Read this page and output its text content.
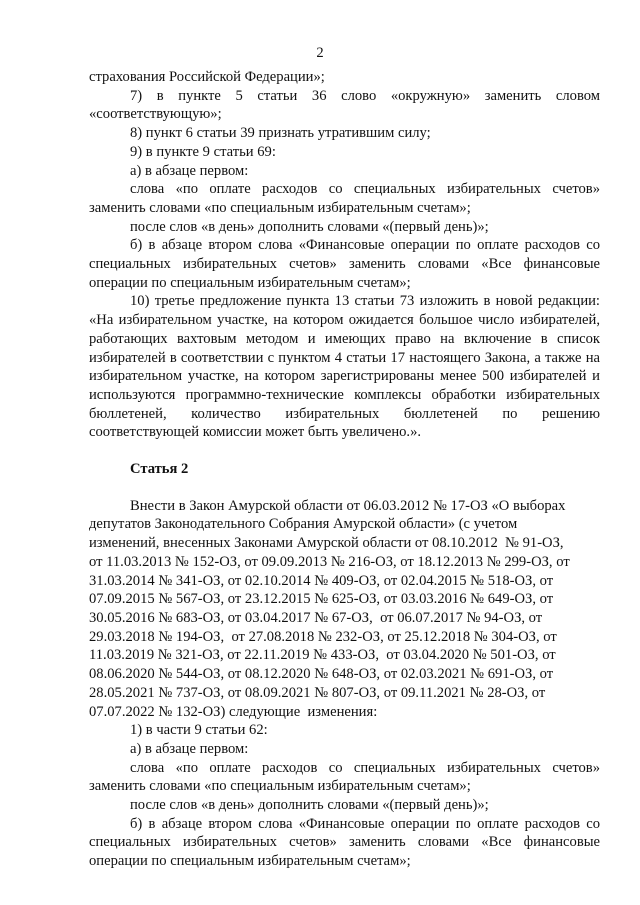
2
страхования Российской Федерации»;
7) в пункте 5 статьи 36 слово «окружную» заменить словом «соответствующую»;
8) пункт 6 статьи 39 признать утратившим силу;
9) в пункте 9 статьи 69:
а) в абзаце первом:
слова «по оплате расходов со специальных избирательных счетов» заменить словами «по специальным избирательным счетам»;
после слов «в день» дополнить словами «(первый день)»;
б) в абзаце втором слова «Финансовые операции по оплате расходов со специальных избирательных счетов» заменить словами «Все финансовые операции по специальным избирательным счетам»;
10) третье предложение пункта 13 статьи 73 изложить в новой редакции: «На избирательном участке, на котором ожидается большое число избирателей, работающих вахтовым методом и имеющих право на включение в список избирателей в соответствии с пунктом 4 статьи 17 настоящего Закона, а также на избирательном участке, на котором зарегистрированы менее 500 избирателей и используются программно-технические комплексы обработки избирательных бюллетеней, количество избирательных бюллетеней по решению соответствующей комиссии может быть увеличено.».
Статья 2
Внести в Закон Амурской области от 06.03.2012 № 17-ОЗ «О выборах
депутатов Законодательного Собрания Амурской области» (с учетом
изменений, внесенных Законами Амурской области от 08.10.2012  № 91-ОЗ,
от 11.03.2013 № 152-ОЗ, от 09.09.2013 № 216-ОЗ, от 18.12.2013 № 299-ОЗ, от
31.03.2014 № 341-ОЗ, от 02.10.2014 № 409-ОЗ, от 02.04.2015 № 518-ОЗ, от
07.09.2015 № 567-ОЗ, от 23.12.2015 № 625-ОЗ, от 03.03.2016 № 649-ОЗ, от
30.05.2016 № 683-ОЗ, от 03.04.2017 № 67-ОЗ,  от 06.07.2017 № 94-ОЗ, от
29.03.2018 № 194-ОЗ,  от 27.08.2018 № 232-ОЗ, от 25.12.2018 № 304-ОЗ, от
11.03.2019 № 321-ОЗ, от 22.11.2019 № 433-ОЗ,  от 03.04.2020 № 501-ОЗ, от
08.06.2020 № 544-ОЗ, от 08.12.2020 № 648-ОЗ, от 02.03.2021 № 691-ОЗ, от
28.05.2021 № 737-ОЗ, от 08.09.2021 № 807-ОЗ, от 09.11.2021 № 28-ОЗ, от
07.07.2022 № 132-ОЗ) следующие  изменения:
1) в части 9 статьи 62:
а) в абзаце первом:
слова «по оплате расходов со специальных избирательных счетов» заменить словами «по специальным избирательным счетам»;
после слов «в день» дополнить словами «(первый день)»;
б) в абзаце втором слова «Финансовые операции по оплате расходов со специальных избирательных счетов» заменить словами «Все финансовые операции по специальным избирательным счетам»;
